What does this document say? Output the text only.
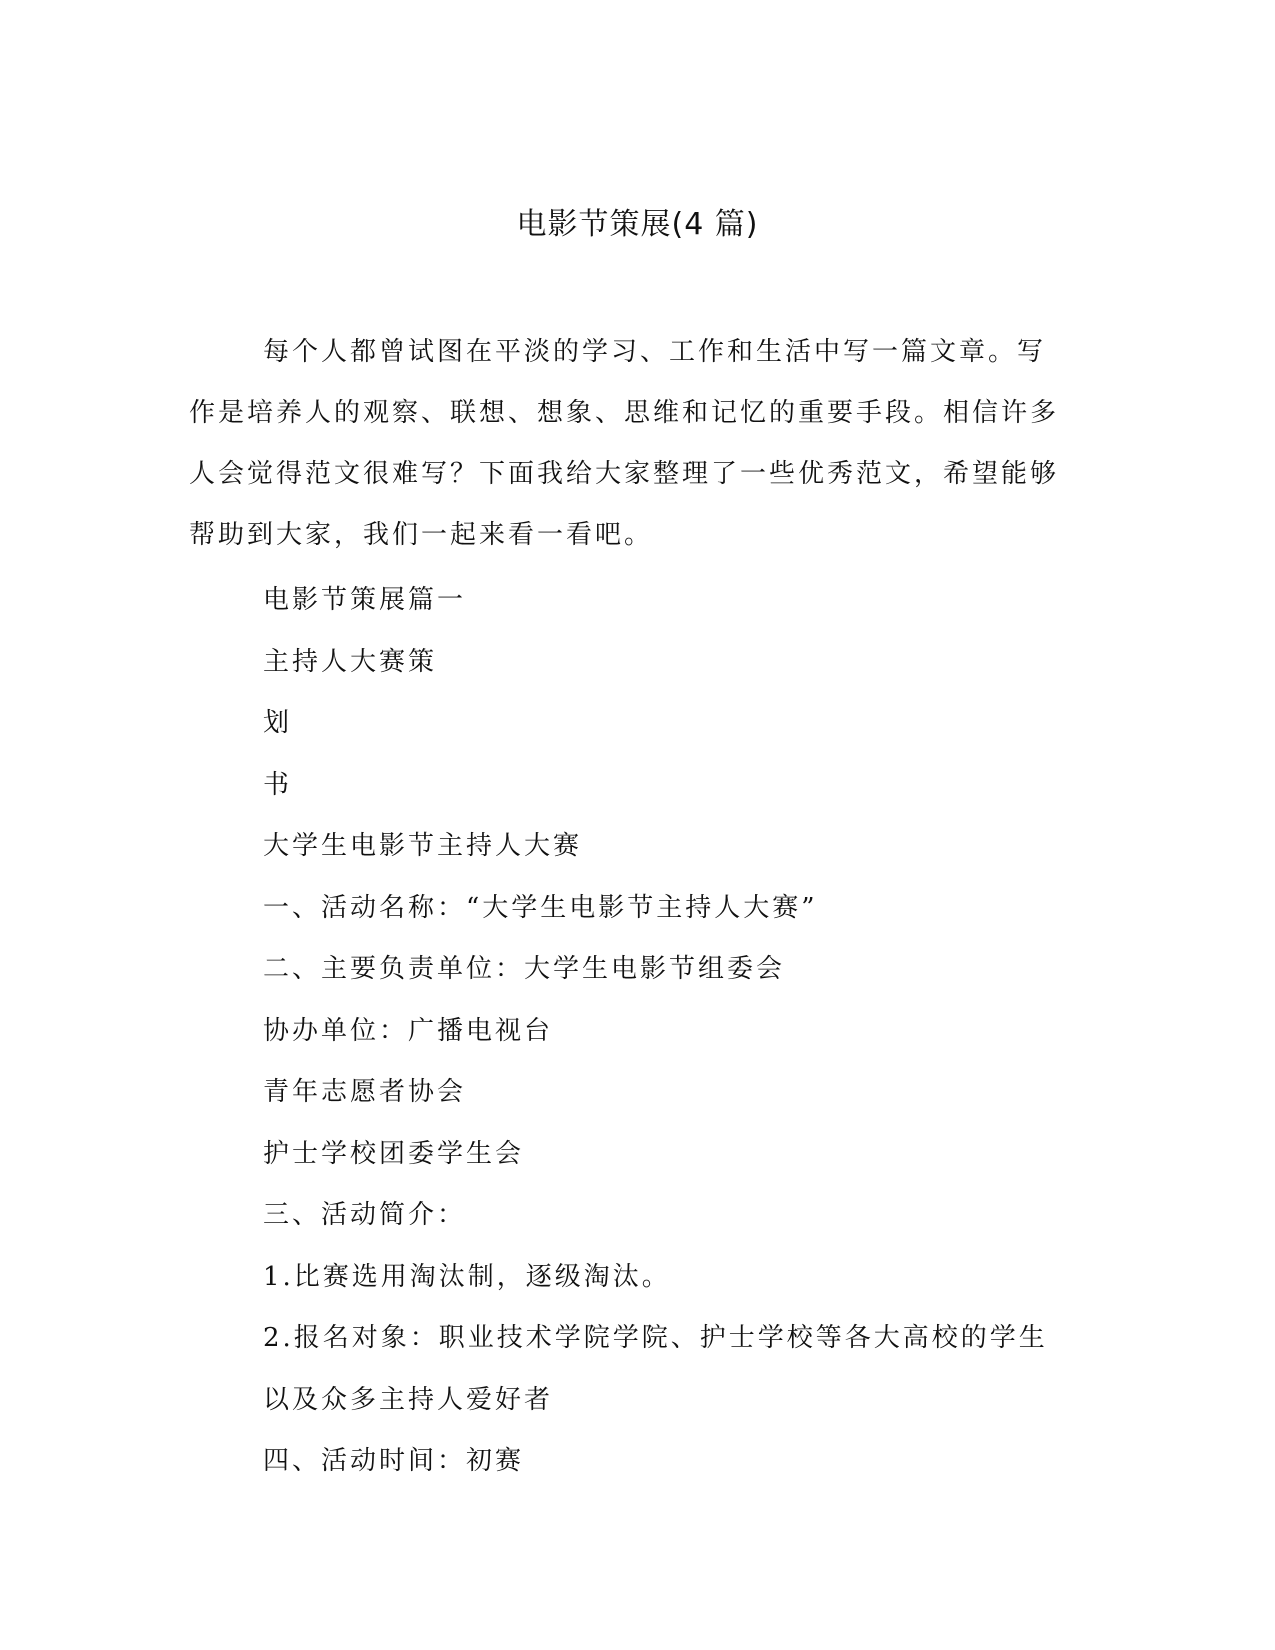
电影节策展(4 篇)

每个人都曾试图在平淡的学习、工作和生活中写一篇文章。写作是培养人的观察、联想、想象、思维和记忆的重要手段。相信许多人会觉得范文很难写？下面我给大家整理了一些优秀范文，希望能够帮助到大家，我们一起来看一看吧。

电影节策展篇一
主持人大赛策
划
书
大学生电影节主持人大赛
一、活动名称：“大学生电影节主持人大赛”
二、主要负责单位：大学生电影节组委会
协办单位：广播电视台
青年志愿者协会
护士学校团委学生会
三、活动简介：
1.比赛选用淘汰制，逐级淘汰。
2.报名对象：职业技术学院学院、护士学校等各大高校的学生
以及众多主持人爱好者
四、活动时间：初赛
